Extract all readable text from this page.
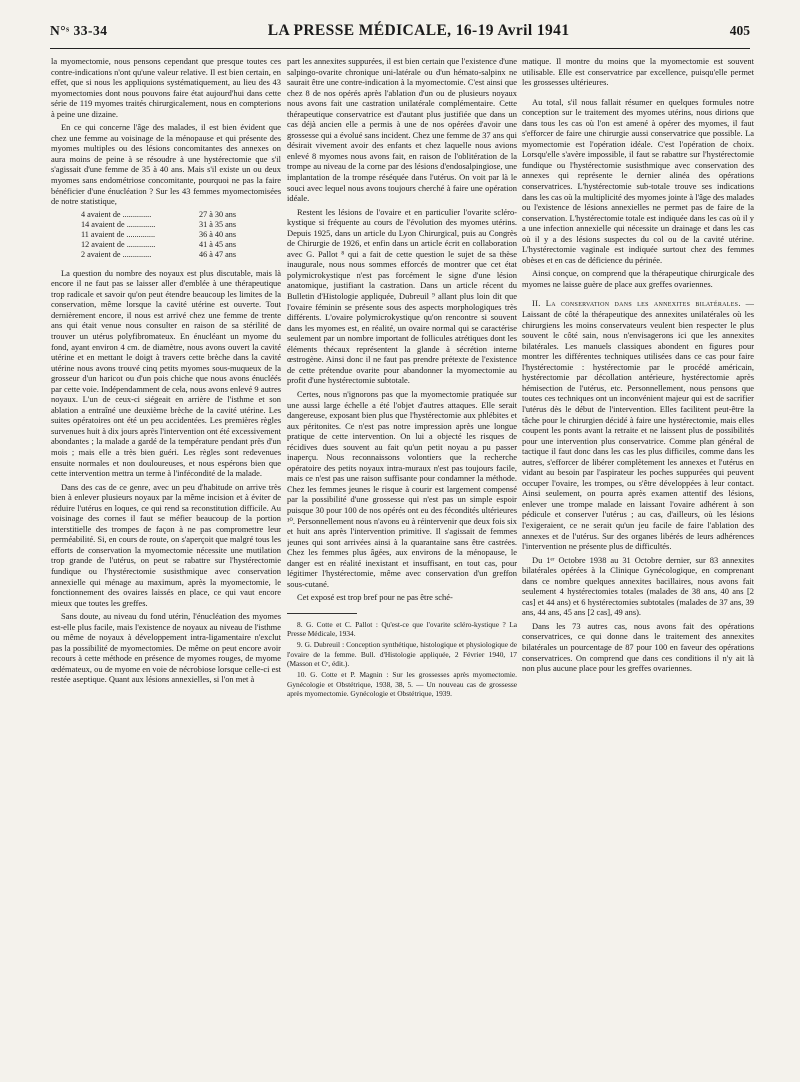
N°ˢ 33-34	LA PRESSE MÉDICALE, 16-19 Avril 1941	405

la myomectomie, nous pensons cependant que presque toutes ces contre-indications n'ont qu'une valeur relative. Il est bien certain, en effet, que si nous les appliquions systématiquement, au lieu des 43 myomectomies dont nous pouvons faire état aujourd'hui dans cette série de 119 myomes traités chirurgicalement, nous en compterions à peine une dizaine.

En ce qui concerne l'âge des malades, il est bien évident que chez une femme au voisinage de la ménopause et qui présente des myomes multiples ou des lésions concomitantes des annexes on aura moins de peine à se résoudre à une hystérectomie que s'il s'agissait d'une femme de 35 à 40 ans. Mais s'il existe un ou deux myomes sans endométriose concomitante, pourquoi ne pas la faire bénéficier d'une énucléation ? Sur les 43 femmes myomectomisées de notre statistique,

4 avaient de ..............	27 à 30 ans
14 avaient de ..............	31 à 35 ans
11 avaient de ..............	36 à 40 ans
12 avaient de ..............	41 à 45 ans
2 avaient de ..............	46 à 47 ans

La question du nombre des noyaux est plus discutable, mais là encore il ne faut pas se laisser aller d'emblée à une thérapeutique trop radicale et savoir qu'on peut étendre beaucoup les limites de la conservation, même lorsque la cavité utérine est ouverte. Tout dernièrement encore, il nous est arrivé chez une femme de trente ans qui était venue nous consulter en raison de sa stérilité de trouver un utérus polyfibromateux. En énucléant un myome du fond, ayant environ 4 cm. de diamètre, nous avons ouvert la cavité utérine et en mettant le doigt à travers cette brèche dans la cavité utérine nous avons trouvé cinq petits myomes sous-muqueux de la grosseur d'un haricot ou d'un pois chiche que nous avons énucléés par cette voie. Indépendamment de cela, nous avons enlevé 9 autres noyaux. L'un de ceux-ci siégeait en arrière de l'isthme et son ablation a entraîné une deuxième brèche de la cavité utérine. Les suites opératoires ont été un peu accidentées. Les premières règles survenues huit à dix jours après l'intervention ont été excessivement abondantes ; la malade a gardé de la température pendant près d'un mois ; mais elle a très bien guéri. Les règles sont redevenues ensuite normales et non douloureuses, et nous espérons bien que cette intervention mettra un terme à l'infécondité de la malade.

Dans des cas de ce genre, avec un peu d'habitude on arrive très bien à enlever plusieurs noyaux par la même incision et à éviter de réduire l'utérus en loques, ce qui rend sa reconstitution difficile. Au voisinage des cornes il faut se méfier beaucoup de la portion interstitielle des trompes de façon à ne pas compromettre leur perméabilité. Si, en cours de route, on s'aperçoit que malgré tous les efforts de conservation la myomectomie nécessite une mutilation trop grande de l'utérus, on peut se rabattre sur l'hystérectomie fundique ou l'hystérectomie susisthmique avec conservation annexielle qui ménage au maximum, après la myomectomie, le fonctionnement des ovaires laissés en place, ce qui vaut encore mieux que toutes les greffes.

Sans doute, au niveau du fond utérin, l'énucléation des myomes est-elle plus facile, mais l'existence de noyaux au niveau de l'isthme ou même de noyaux à développement intra-ligamentaire n'exclut pas la possibilité de myomectomies. De même on peut encore avoir recours à cette méthode en présence de myomes rouges, de myome œdémateux, ou de myome en voie de nécrobiose lorsque celle-ci est restée aseptique. Quant aux lésions annexielles, si l'on met à

part les annexites suppurées, il est bien certain que l'existence d'une salpingo-ovarite chronique uni-latérale ou d'un hémato-salpinx ne saurait être une contre-indication à la myomectomie. C'est ainsi que chez 8 de nos opérés après l'ablation d'un ou de plusieurs noyaux nous avons fait une castration unilatérale complémentaire. Cette thérapeutique conservatrice est d'autant plus justifiée que dans un cas déjà ancien elle a permis à une de nos opérées d'avoir une grossesse qui a évolué sans incident. Chez une femme de 37 ans qui désirait vivement avoir des enfants et chez laquelle nous avions enlevé 8 myomes nous avons fait, en raison de l'oblitération de la trompe au niveau de la corne par des lésions d'endosalpingiose, une implantation de la trompe réséquée dans l'utérus. On voit par là le souci avec lequel nous avons toujours cherché à faire une opération idéale.

Restent les lésions de l'ovaire et en particulier l'ovarite scléro-kystique si fréquente au cours de l'évolution des myomes utérins. Depuis 1925, dans un article du Lyon Chirurgical, puis au Congrès de Chirurgie de 1926, et enfin dans un article écrit en collaboration avec G. Pallot ⁸ qui a fait de cette question le sujet de sa thèse inaugurale, nous nous sommes efforcés de montrer que cet état polymicrokystique n'est pas forcément le signe d'une lésion anatomique, justifiant la castration. Dans un article récent du Bulletin d'Histologie appliquée, Dubreuil ⁹ allant plus loin dit que l'ovaire féminin se présente sous des aspects morphologiques très différents. L'ovaire polymicrokystique qu'on rencontre si souvent dans les myomes est, en réalité, un ovaire normal qui se caractérise seulement par un nombre important de follicules atrétiques dont les éléments thécaux représentent la glande à sécrétion interne œstrogène. Ainsi donc il ne faut pas prendre prétexte de l'existence de cette prétendue ovarite pour abandonner la myomectomie au profit d'une hystérectomie subtotale.

Certes, nous n'ignorons pas que la myomectomie pratiquée sur une aussi large échelle a été l'objet d'autres attaques. Elle serait dangereuse, exposant bien plus que l'hystérectomie aux phlébites et aux péritonites. Ce n'est pas notre impression après une longue pratique de cette intervention. On lui a objecté les risques de récidives dues souvent au fait qu'un petit noyau a pu passer inaperçu. Nous reconnaissons volontiers que la recherche opératoire des petits noyaux intra-muraux n'est pas toujours facile, mais ce n'est pas une raison suffisante pour condamner la méthode. Chez les femmes jeunes le risque à courir est largement compensé par la possibilité d'une grossesse qui n'est pas un simple espoir puisque 30 pour 100 de nos opérés ont eu des fécondités ultérieures ¹⁰. Personnellement nous n'avons eu à réintervenir que deux fois six et huit ans après l'intervention primitive. Il s'agissait de femmes jeunes qui sont arrivées ainsi à la quarantaine sans être castrées. Chez les femmes plus âgées, aux environs de la ménopause, le danger est en réalité inexistant et insuffisant, en tout cas, pour légitimer l'hystérectomie, même avec conservation d'un greffon sous-cutané.

Cet exposé est trop bref pour ne pas être sché-

8. G. Cotte et C. Pallot : Qu'est-ce que l'ovarite scléro-kystique ? La Presse Médicale, 1934.

9. G. Dubreuil : Conception synthétique, histologique et physiologique de l'ovaire de la femme. Bull. d'Histologie appliquée, 2 Février 1940, 17 (Masson et Cᵉ, édit.).

10. G. Cotte et P. Magnin : Sur les grossesses après myomectomie. Gynécologie et Obstétrique, 1938, 38, 5. — Un nouveau cas de grossesse après myomectomie. Gynécologie et Obstétrique, 1939.

matique. Il montre du moins que la myomectomie est souvent utilisable. Elle est conservatrice par excellence, puisqu'elle permet les grossesses ultérieures.

Au total, s'il nous fallait résumer en quelques formules notre conception sur le traitement des myomes utérins, nous dirions que dans tous les cas où l'on est amené à opérer des myomes, il faut s'efforcer de faire une chirurgie aussi conservatrice que possible. La myomectomie est l'opération idéale. C'est l'opération de choix. Lorsqu'elle s'avère impossible, il faut se rabattre sur l'hystérectomie fundique ou l'hystérectomie susisthmique avec conservation des annexes qui représente le dernier alinéa des opérations conservatrices. L'hystérectomie sub-totale trouve ses indications dans les cas où la multiplicité des myomes jointe à l'âge des malades ou l'existence de lésions annexielles ne permet pas de faire de la conservation. L'hystérectomie totale est indiquée dans les cas où il y a une infection annexielle qui nécessite un drainage et dans les cas où il y a des lésions suspectes du col ou de la cavité utérine. L'hystérectomie vaginale est indiquée surtout chez des femmes obèses et en cas de déficience du périnée.

Ainsi conçue, on comprend que la thérapeutique chirurgicale des myomes ne laisse guère de place aux greffes ovariennes.

II. La conservation dans les annexites bilatérales. — Laissant de côté la thérapeutique des annexites unilatérales où les chirurgiens les moins conservateurs veulent bien respecter le plus souvent le côté sain, nous n'envisagerons ici que les annexites bilatérales. Les manuels classiques abondent en figures pour montrer les différentes techniques utilisées dans ce cas pour faire l'hystérectomie : hystérectomie par le procédé américain, hystérectomie par décollation antérieure, hystérectomie après hémisection de l'utérus, etc. Personnellement, nous pensons que toutes ces techniques ont un inconvénient majeur qui est de sacrifier l'utérus dès le début de l'intervention. Elles facilitent peut-être la tâche pour le chirurgien décidé à faire une hystérectomie, mais elles coupent les ponts avant la retraite et ne laissent plus de possibilités pour une intervention plus conservatrice. Comme plan général de tactique il faut donc dans les cas les plus difficiles, comme dans les autres, s'efforcer de libérer complètement les annexes et l'utérus en vidant au besoin par l'aspirateur les poches suppurées qui peuvent occuper l'ovaire, les trompes, ou s'être développées à leur contact. Ainsi seulement, on pourra après examen attentif des lésions, enlever une trompe malade en laissant l'ovaire adhérent à son pédicule et conserver l'utérus ; au cas, d'ailleurs, où les lésions l'exigeraient, ce ne serait qu'un jeu facile de faire l'ablation des annexes et de l'utérus. Sur des organes libérés de leurs adhérences l'intervention ne présente plus de difficultés.

Du 1ᵉʳ Octobre 1938 au 31 Octobre dernier, sur 83 annexites bilatérales opérées à la Clinique Gynécologique, en comprenant dans ce nombre quelques annexites bacillaires, nous avons fait seulement 4 hystérectomies totales (malades de 38 ans, 40 ans [2 cas] et 44 ans) et 6 hystérectomies subtotales (malades de 37 ans, 39 ans, 44 ans, 45 ans [2 cas], 49 ans).

Dans les 73 autres cas, nous avons fait des opérations conservatrices, ce qui donne dans le traitement des annexites bilatérales un pourcentage de 87 pour 100 en faveur des opérations conservatrices. On comprend que dans ces conditions il n'y ait là non plus aucune place pour les greffes ovariennes.
